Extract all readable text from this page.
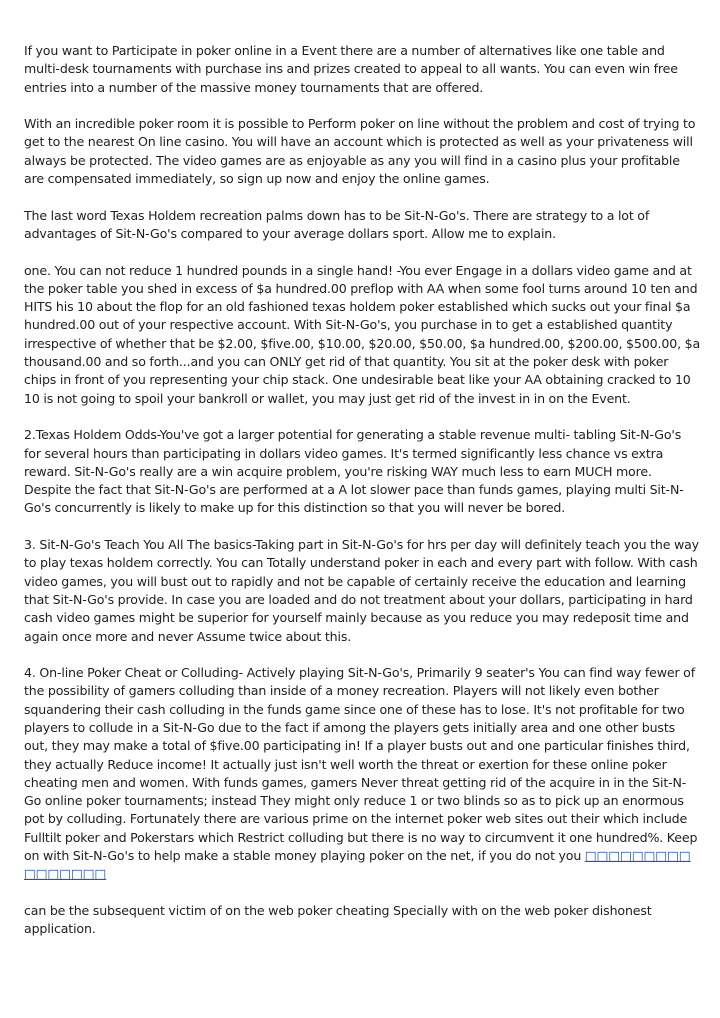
If you want to Participate in poker online in a Event there are a number of alternatives like one table and multi-desk tournaments with purchase ins and prizes created to appeal to all wants. You can even win free entries into a number of the massive money tournaments that are offered.

With an incredible poker room it is possible to Perform poker on line without the problem and cost of trying to get to the nearest On line casino. You will have an account which is protected as well as your privateness will always be protected. The video games are as enjoyable as any you will find in a casino plus your profitable are compensated immediately, so sign up now and enjoy the online games.

The last word Texas Holdem recreation palms down has to be Sit-N-Go's. There are strategy to a lot of advantages of Sit-N-Go's compared to your average dollars sport. Allow me to explain.

one. You can not reduce 1 hundred pounds in a single hand! -You ever Engage in a dollars video game and at the poker table you shed in excess of $a hundred.00 preflop with AA when some fool turns around 10 ten and HITS his 10 about the flop for an old fashioned texas holdem poker established which sucks out your final $a hundred.00 out of your respective account. With Sit-N-Go's, you purchase in to get a established quantity irrespective of whether that be $2.00, $five.00, $10.00, $20.00, $50.00, $a hundred.00, $200.00, $500.00, $a thousand.00 and so forth...and you can ONLY get rid of that quantity. You sit at the poker desk with poker chips in front of you representing your chip stack. One undesirable beat like your AA obtaining cracked to 10 10 is not going to spoil your bankroll or wallet, you may just get rid of the invest in in on the Event.

2.Texas Holdem Odds-You've got a larger potential for generating a stable revenue multi- tabling Sit-N-Go's for several hours than participating in dollars video games. It's termed significantly less chance vs extra reward. Sit-N-Go's really are a win acquire problem, you're risking WAY much less to earn MUCH more. Despite the fact that Sit-N-Go's are performed at a A lot slower pace than funds games, playing multi Sit-N-Go's concurrently is likely to make up for this distinction so that you will never be bored.

3. Sit-N-Go's Teach You All The basics-Taking part in Sit-N-Go's for hrs per day will definitely teach you the way to play texas holdem correctly. You can Totally understand poker in each and every part with follow. With cash video games, you will bust out to rapidly and not be capable of certainly receive the education and learning that Sit-N-Go's provide. In case you are loaded and do not treatment about your dollars, participating in hard cash video games might be superior for yourself mainly because as you reduce you may redeposit time and again once more and never Assume twice about this.

4. On-line Poker Cheat or Colluding- Actively playing Sit-N-Go's, Primarily 9 seater's You can find way fewer of the possibility of gamers colluding than inside of a money recreation. Players will not likely even bother squandering their cash colluding in the funds game since one of these has to lose. It's not profitable for two players to collude in a Sit-N-Go due to the fact if among the players gets initially area and one other busts out, they may make a total of $five.00 participating in! If a player busts out and one particular finishes third, they actually Reduce income! It actually just isn't well worth the threat or exertion for these online poker cheating men and women. With funds games, gamers Never threat getting rid of the acquire in in the Sit-N-Go online poker tournaments; instead They might only reduce 1 or two blinds so as to pick up an enormous pot by colluding. Fortunately there are various prime on the internet poker web sites out their which include Fulltilt poker and Pokerstars which Restrict colluding but there is no way to circumvent it one hundred%. Keep on with Sit-N-Go's to help make a stable money playing poker on the net, if you do not you □□□□□□□□□ □□□□□□□

can be the subsequent victim of on the web poker cheating Specially with on the web poker dishonest application.
